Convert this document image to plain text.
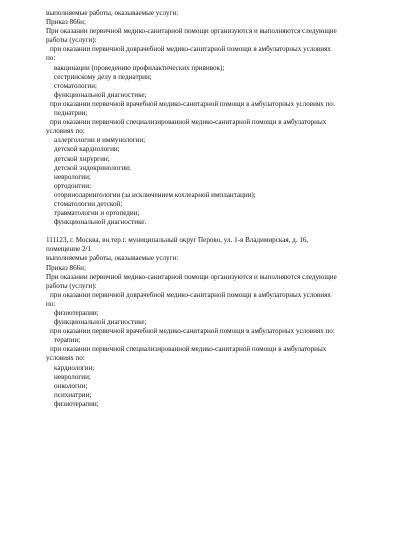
выполняемые работы, оказываемые услуги:
Приказ 866н;
При оказании первичной медико-санитарной помощи организуются и выполняются следующие
работы (услуги):
при оказании первичной доврачебной медико-санитарной помощи в амбулаторных условиях
по:
вакцинации (проведению профилактических прививок);
сестринскому делу в педиатрии;
стоматологии;
функциональной диагностике;
при оказании первичной врачебной медико-санитарной помощи в амбулаторных условиях по:
педиатрии;
при оказании первичной специализированной медико-санитарной помощи в амбулаторных
условиях по:
аллергологии и иммунологии;
детской кардиологии;
детской хирургии;
детской эндокринологии;
неврологии;
ортодонтии;
оториноларингологии (за исключением кохлеарной имплантации);
стоматологии детской;
травматологии и ортопедии;
функциональной диагностике.
111123, г. Москва, вн.тер.г. муниципальный округ Перово, ул. 1-я Владимирская, д. 16,
помещение 2/1
выполняемые работы, оказываемые услуги:
Приказ 866н;
При оказании первичной медико-санитарной помощи организуются и выполняются следующие
работы (услуги):
при оказании первичной доврачебной медико-санитарной помощи в амбулаторных условиях
по:
физиотерапии;
функциональной диагностике;
при оказании первичной врачебной медико-санитарной помощи в амбулаторных условиях по:
терапии;
при оказании первичной специализированной медико-санитарной помощи в амбулаторных
условиях по:
кардиологии;
неврологии;
онкологии;
психиатрии;
физиотерапии;
